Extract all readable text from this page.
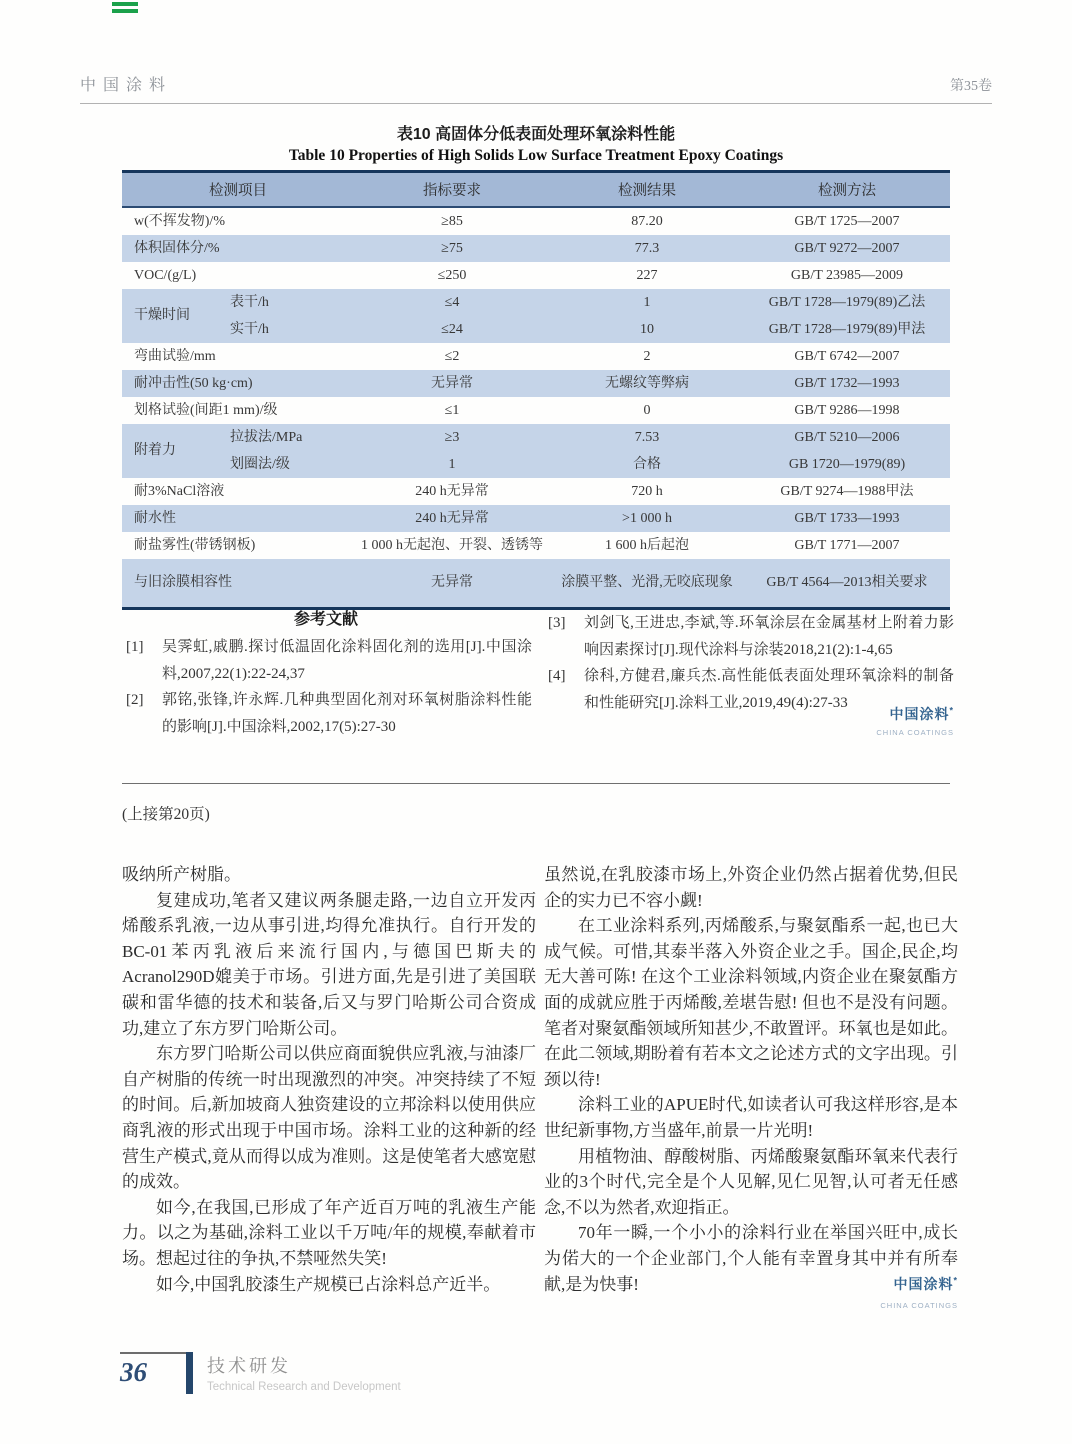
中国涂料	第35卷
表10 高固体分低表面处理环氧涂料性能
Table 10 Properties of High Solids Low Surface Treatment Epoxy Coatings
检测项目		指标要求	检测结果	检测方法
w(不挥发物)/%		≥85	87.20	GB/T 1725—2007
体积固体分/%		≥75	77.3	GB/T 9272—2007
VOC/(g/L)		≤250	227	GB/T 23985—2009
干燥时间	表干/h	≤4	1	GB/T 1728—1979(89)乙法
	实干/h	≤24	10	GB/T 1728—1979(89)甲法
弯曲试验/mm		≤2	2	GB/T 6742—2007
耐冲击性(50 kg·cm)		无异常	无螺纹等弊病	GB/T 1732—1993
划格试验(间距1 mm)/级		≤1	0	GB/T 9286—1998
附着力	拉拔法/MPa	≥3	7.53	GB/T 5210—2006
	划圈法/级	1	合格	GB 1720—1979(89)
耐3%NaCl溶液		240 h无异常	720 h	GB/T 9274—1988甲法
耐水性		240 h无异常	>1 000 h	GB/T 1733—1993
耐盐雾性(带锈钢板)		1 000 h无起泡、开裂、透锈等	1 600 h后起泡	GB/T 1771—2007
与旧涂膜相容性		无异常	涂膜平整、光滑,无咬底现象	GB/T 4564—2013相关要求
参考文献

[1] 吴霁虹,戚鹏.探讨低温固化涂料固化剂的选用[J].中国涂料,2007,22(1):22-24,37

[2] 郭铭,张锋,许永辉.几种典型固化剂对环氧树脂涂料性能的影响[J].中国涂料,2002,17(5):27-30

[3] 刘剑飞,王进忠,李斌,等.环氧涂层在金属基材上附着力影响因素探讨[J].现代涂料与涂装2018,21(2):1-4,65

[4] 徐科,方健君,廉兵杰.高性能低表面处理环氧涂料的制备和性能研究[J].涂料工业,2019,49(4):27-33

中国涂料*
CHINA COATINGS
(上接第20页)

吸纳所产树脂。

复建成功,笔者又建议两条腿走路,一边自立开发丙烯酸系乳液,一边从事引进,均得允准执行。自行开发的BC-01苯丙乳液后来流行国内,与德国巴斯夫的Acranol290D媲美于市场。引进方面,先是引进了美国联碳和雷华德的技术和装备,后又与罗门哈斯公司合资成功,建立了东方罗门哈斯公司。

东方罗门哈斯公司以供应商面貌供应乳液,与油漆厂自产树脂的传统一时出现激烈的冲突。冲突持续了不短的时间。后,新加坡商人独资建设的立邦涂料以使用供应商乳液的形式出现于中国市场。涂料工业的这种新的经营生产模式,竟从而得以成为准则。这是使笔者大感宽慰的成效。

如今,在我国,已形成了年产近百万吨的乳液生产能力。以之为基础,涂料工业以千万吨/年的规模,奉献着市场。想起过往的争执,不禁哑然失笑!

如今,中国乳胶漆生产规模已占涂料总产近半。

虽然说,在乳胶漆市场上,外资企业仍然占据着优势,但民企的实力已不容小觑!

在工业涂料系列,丙烯酸系,与聚氨酯系一起,也已大成气候。可惜,其泰半落入外资企业之手。国企,民企,均无大善可陈! 在这个工业涂料领域,内资企业在聚氨酯方面的成就应胜于丙烯酸,差堪告慰! 但也不是没有问题。笔者对聚氨酯领域所知甚少,不敢置评。环氧也是如此。在此二领域,期盼着有若本文之论述方式的文字出现。引颈以待!

涂料工业的APUE时代,如读者认可我这样形容,是本世纪新事物,方当盛年,前景一片光明!

用植物油、醇酸树脂、丙烯酸聚氨酯环氧来代表行业的3个时代,完全是个人见解,见仁见智,认可者无任感念,不以为然者,欢迎指正。

70年一瞬,一个小小的涂料行业在举国兴旺中,成长为偌大的一个企业部门,个人能有幸置身其中并有所奉献,是为快事!	中国涂料*
CHINA COATINGS
36	技术研发
Technical Research and Development
